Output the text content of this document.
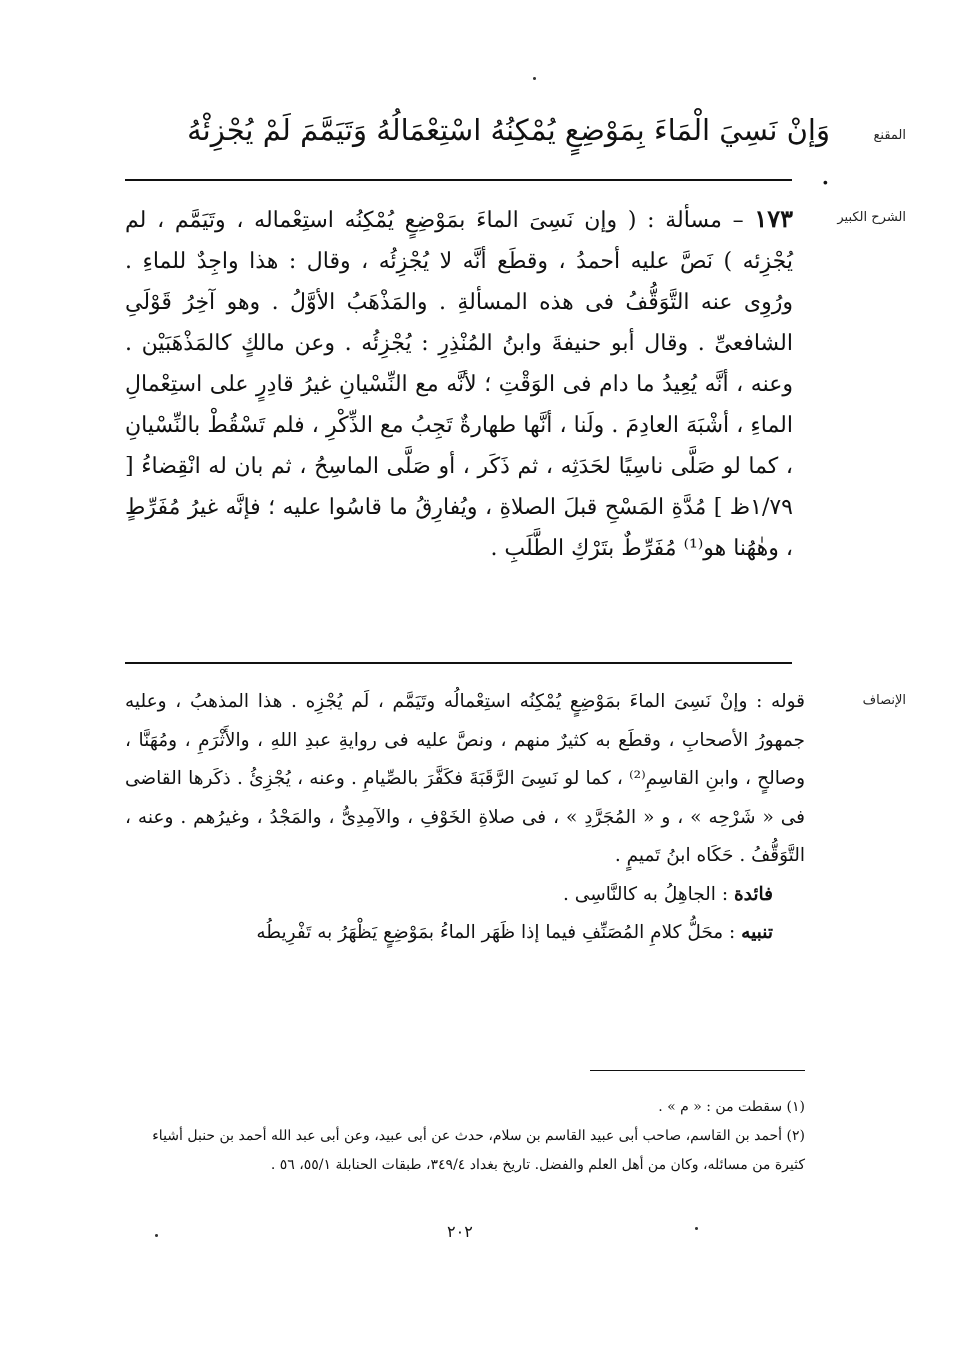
المقنع
وَإنْ نَسِيَ الْمَاءَ بِمَوْضِعٍ يُمْكِنُهُ اسْتِعْمَالُهُ وَتَيَمَّمَ لَمْ يُجْزِئْهُ .
الشرح الكبير

١٧٣ – مسألة : ( وإن نَسِىَ الماءَ بمَوْضِعٍ يُمْكِنُه استِعْماله ، وتَيَمَّم ، لم يُجْزِئه ) نَصَّ عليه أحمدُ ، وقطَع أنَّه لا يُجْزِئُه ، وقال : هذا واجِدٌ للماءِ . ورُوِى عنه التَّوَقُّفُ فى هذه المسألةِ . والمَذْهَبُ الأوَّلُ . وهو آخِرُ قَوْلَىِ الشافعىِّ . وقال أبو حنيفةَ وابنُ المُنْذِرِ : يُجْزِئُه . وعن مالكٍ كالمَذْهَبَيْن . وعنه ، أنَّه يُعِيدُ ما دام فى الوَقْتِ ؛ لأنَّه مع النِّسْيانِ غيرُ قادِرٍ على استِعْمالِ الماءِ ، أشْبَهَ العادِمَ . ولَنا ، أنَّها طهارةٌ تَجِبُ مع الذِّكْرِ ، فلم تَسْقُطْ بالنِّسْيانِ ، كما لو صَلَّى ناسِيًا لحَدَثِه ، ثم ذَكَر ، أو صَلَّى الماسِحُ ، ثم بان له انْقِضاءُ [ ١/٧٩ظ ] مُدَّةِ المَسْحِ قبلَ الصلاةِ ، ويُفارِقُ ما قاسُوا عليه ؛ فإنَّه غيرُ مُفَرِّطٍ ، وهٰهُنا هو⁽¹⁾ مُفَرِّطٌ بتَرْكِ الطَّلَبِ .

الإنصاف

قوله : وإنْ نَسِىَ الماءَ بمَوْضِعٍ يُمْكِنُه استِعْمالُه وتَيَمَّم ، لَم يُجْزِه . هذا المذهبُ ، وعليه جمهورُ الأصحابِ ، وقطَع به كثيرٌ منهم ، ونصَّ عليه فى روايةِ عبدِ اللهِ ، والأَثْرَمِ ، ومُهَنَّا ، وصالحٍ ، وابنِ القاسِمِ⁽²⁾ ، كما لو نَسِىَ الرَّقَبَةَ فكَفَّرَ بالصِّيامِ . وعنه ، يُجْزِئُ . ذكَرها القاضى فى « شَرْحِه » ، و « المُجَرَّدِ » ، فى صلاةِ الخَوْفِ ، والآمِدِىُّ ، والمَجْدُ ، وغيرُهم . وعنه ، التَّوَقُّفُ . حَكَاه ابنُ تَميمٍ .

فائدة : الجاهِلُ به كالنَّاسِى .

تنبيه : محَلُّ كلامِ المُصَنِّفِ فيما إذا ظَهَر الماءُ بمَوْضِعٍ يَظْهَرُ به تَفْرِيطُه

(١) سقطت من : « م » .

(٢) أحمد بن القاسم، صاحب أبى عبيد القاسم بن سلام، حدث عن أبى عبيد، وعن أبى عبد الله أحمد بن حنبل أشياء كثيرة من مسائله، وكان من أهل العلم والفضل. تاريخ بغداد ٣٤٩/٤، طبقات الحنابلة ٥٥/١، ٥٦ .

٢٠٢
